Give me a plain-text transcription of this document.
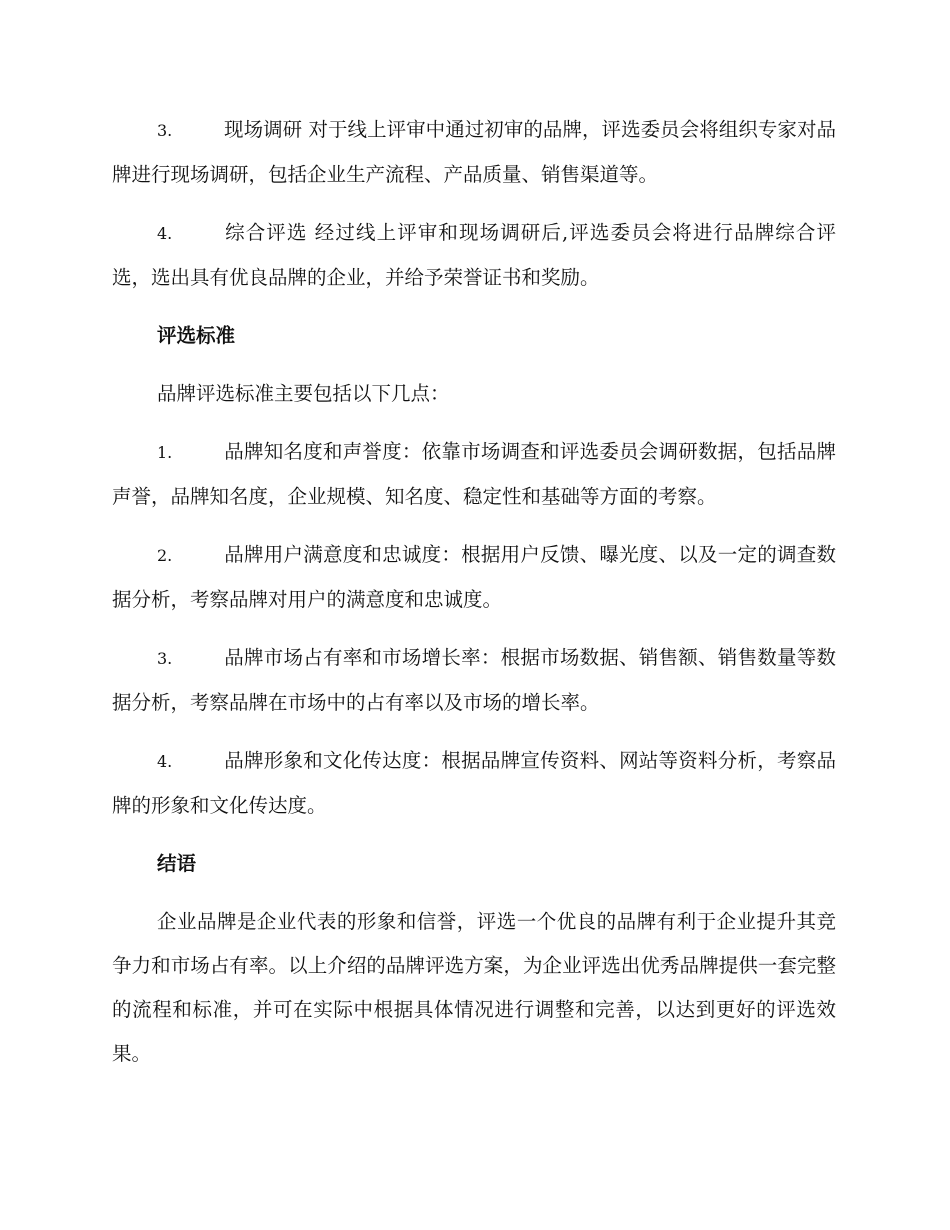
3.	现场调研 对于线上评审中通过初审的品牌，评选委员会将组织专家对品牌进行现场调研，包括企业生产流程、产品质量、销售渠道等。

4.	综合评选 经过线上评审和现场调研后,评选委员会将进行品牌综合评选，选出具有优良品牌的企业，并给予荣誉证书和奖励。

评选标准

品牌评选标准主要包括以下几点：

1.	品牌知名度和声誉度：依靠市场调查和评选委员会调研数据，包括品牌声誉，品牌知名度，企业规模、知名度、稳定性和基础等方面的考察。

2.	品牌用户满意度和忠诚度：根据用户反馈、曝光度、以及一定的调查数据分析，考察品牌对用户的满意度和忠诚度。

3.	品牌市场占有率和市场增长率：根据市场数据、销售额、销售数量等数据分析，考察品牌在市场中的占有率以及市场的增长率。

4.	品牌形象和文化传达度：根据品牌宣传资料、网站等资料分析，考察品牌的形象和文化传达度。

结语

企业品牌是企业代表的形象和信誉，评选一个优良的品牌有利于企业提升其竞争力和市场占有率。以上介绍的品牌评选方案，为企业评选出优秀品牌提供一套完整的流程和标准，并可在实际中根据具体情况进行调整和完善，以达到更好的评选效果。
